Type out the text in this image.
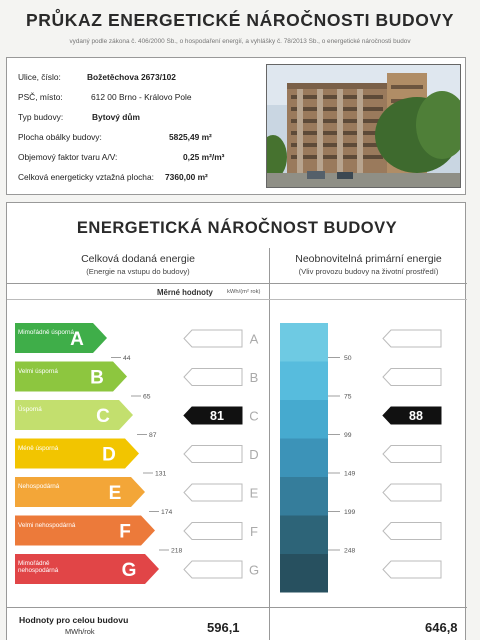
PRŮKAZ ENERGETICKÉ NÁROČNOSTI BUDOVY
vydaný podle zákona č. 406/2000 Sb., o hospodaření energií, a vyhlášky č. 78/2013 Sb., o energetické náročnosti budov
Ulice, číslo:	Božetěchova 2673/102
PSČ, místo:	612 00 Brno - Královo Pole
Typ budovy:	Bytový dům
Plocha obálky budovy:	5825,49 m²
Objemový faktor tvaru A/V:	0,25 m²/m³
Celková energeticky vztažná plocha: 7360,00 m²
ENERGETICKÁ NÁROČNOST BUDOVY
Celková dodaná energie
(Energie na vstupu do budovy)
Neobnovitelná primární energie
(Vliv provozu budovy na životní prostředí)
Měrné hodnoty kWh/(m² rok)
A	A
B	B
C	81 C	88
D	D
E	E
F	F
G	G
44
65
87
131
174
218
50
75
99
149
199
248
Mimořádně úsporná
Velmi úsporná
Úsporná
Méně úsporná
Nehospodárná
Velmi nehospodárná
Mimořádně nehospodárná
Hodnoty pro celou budovu
MWh/rok	596,1	646,8
